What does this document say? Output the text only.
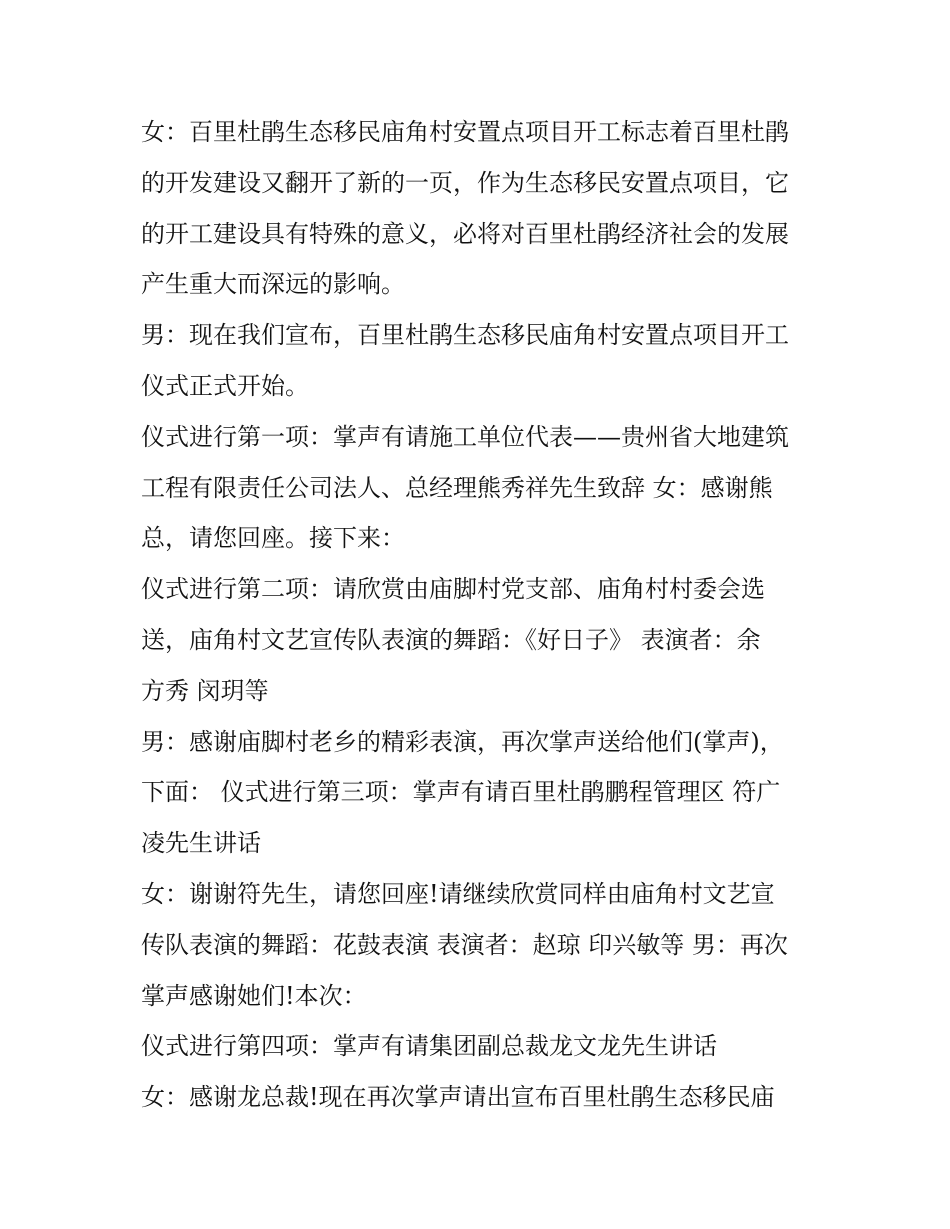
女：百里杜鹃生态移民庙角村安置点项目开工标志着百里杜鹃
的开发建设又翻开了新的一页，作为生态移民安置点项目，它
的开工建设具有特殊的意义，必将对百里杜鹃经济社会的发展
产生重大而深远的影响。
男：现在我们宣布，百里杜鹃生态移民庙角村安置点项目开工
仪式正式开始。
仪式进行第一项：掌声有请施工单位代表——贵州省大地建筑
工程有限责任公司法人、总经理熊秀祥先生致辞 女：感谢熊
总，请您回座。接下来：
仪式进行第二项：请欣赏由庙脚村党支部、庙角村村委会选
送，庙角村文艺宣传队表演的舞蹈：《好日子》 表演者：余
方秀 闵玥等
男：感谢庙脚村老乡的精彩表演，再次掌声送给他们(掌声)，
下面： 仪式进行第三项：掌声有请百里杜鹃鹏程管理区 符广
凌先生讲话
女：谢谢符先生，请您回座!请继续欣赏同样由庙角村文艺宣
传队表演的舞蹈：花鼓表演 表演者：赵琼 印兴敏等 男：再次
掌声感谢她们!本次：
仪式进行第四项：掌声有请集团副总裁龙文龙先生讲话
女：感谢龙总裁!现在再次掌声请出宣布百里杜鹃生态移民庙
